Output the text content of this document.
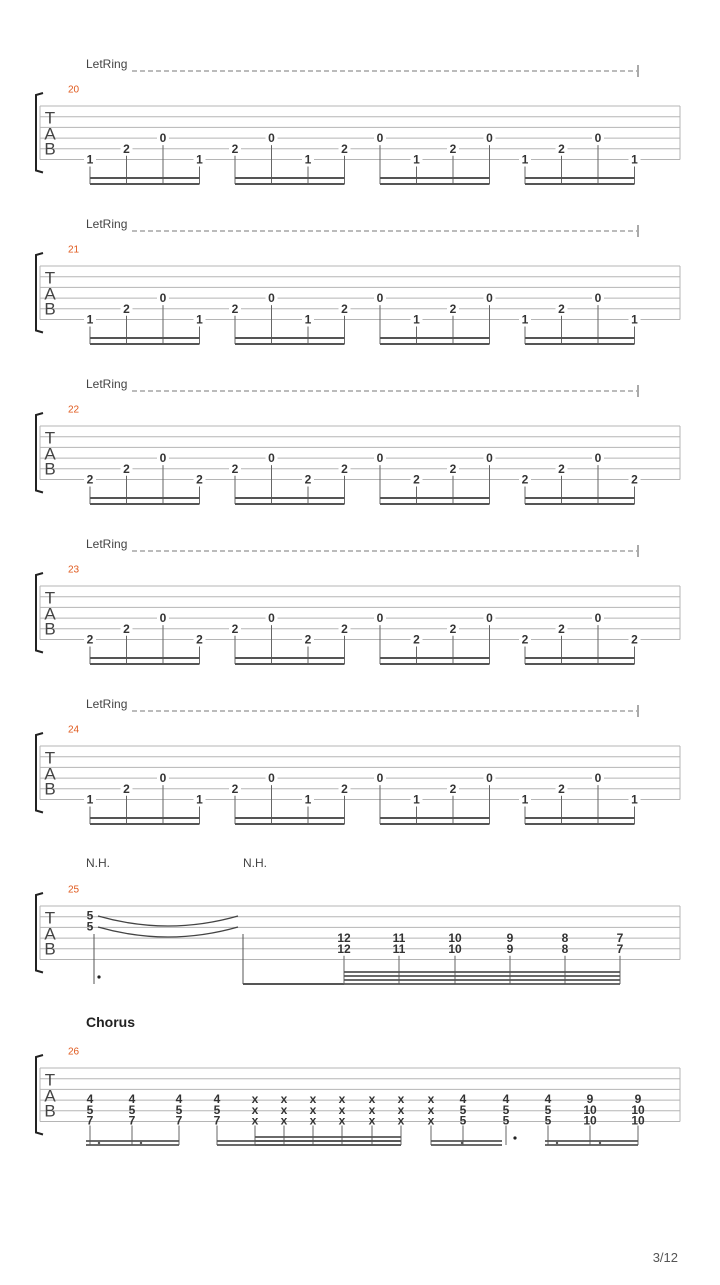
T
A
B
20
LetRing
1
2
0
1
2
0
1
2
0
1
2
0
1
2
0
1
T
A
B
21
LetRing
1
2
0
1
2
0
1
2
0
1
2
0
1
2
0
1
T
A
B
22
LetRing
2
2
0
2
2
0
2
2
0
2
2
0
2
2
0
2
T
A
B
23
LetRing
2
2
0
2
2
0
2
2
0
2
2
0
2
2
0
2
T
A
B
24
LetRing
1
2
0
1
2
0
1
2
0
1
2
0
1
2
0
1
T
A
B
25
N.H.	N.H.
5
5
12
12
11
11
10
10
9
9
8
8
7
7
T
A
B
26
Chorus
4
5
7
4
5
7
4
5
7
4
5
7
x
x
x
x
x
x
x
x
x
x
x
x
x
x
x
x
x
x
x
x
x
4
5
5
4
5
5
4
5
5
9
10
10
9
10
10
3/12
